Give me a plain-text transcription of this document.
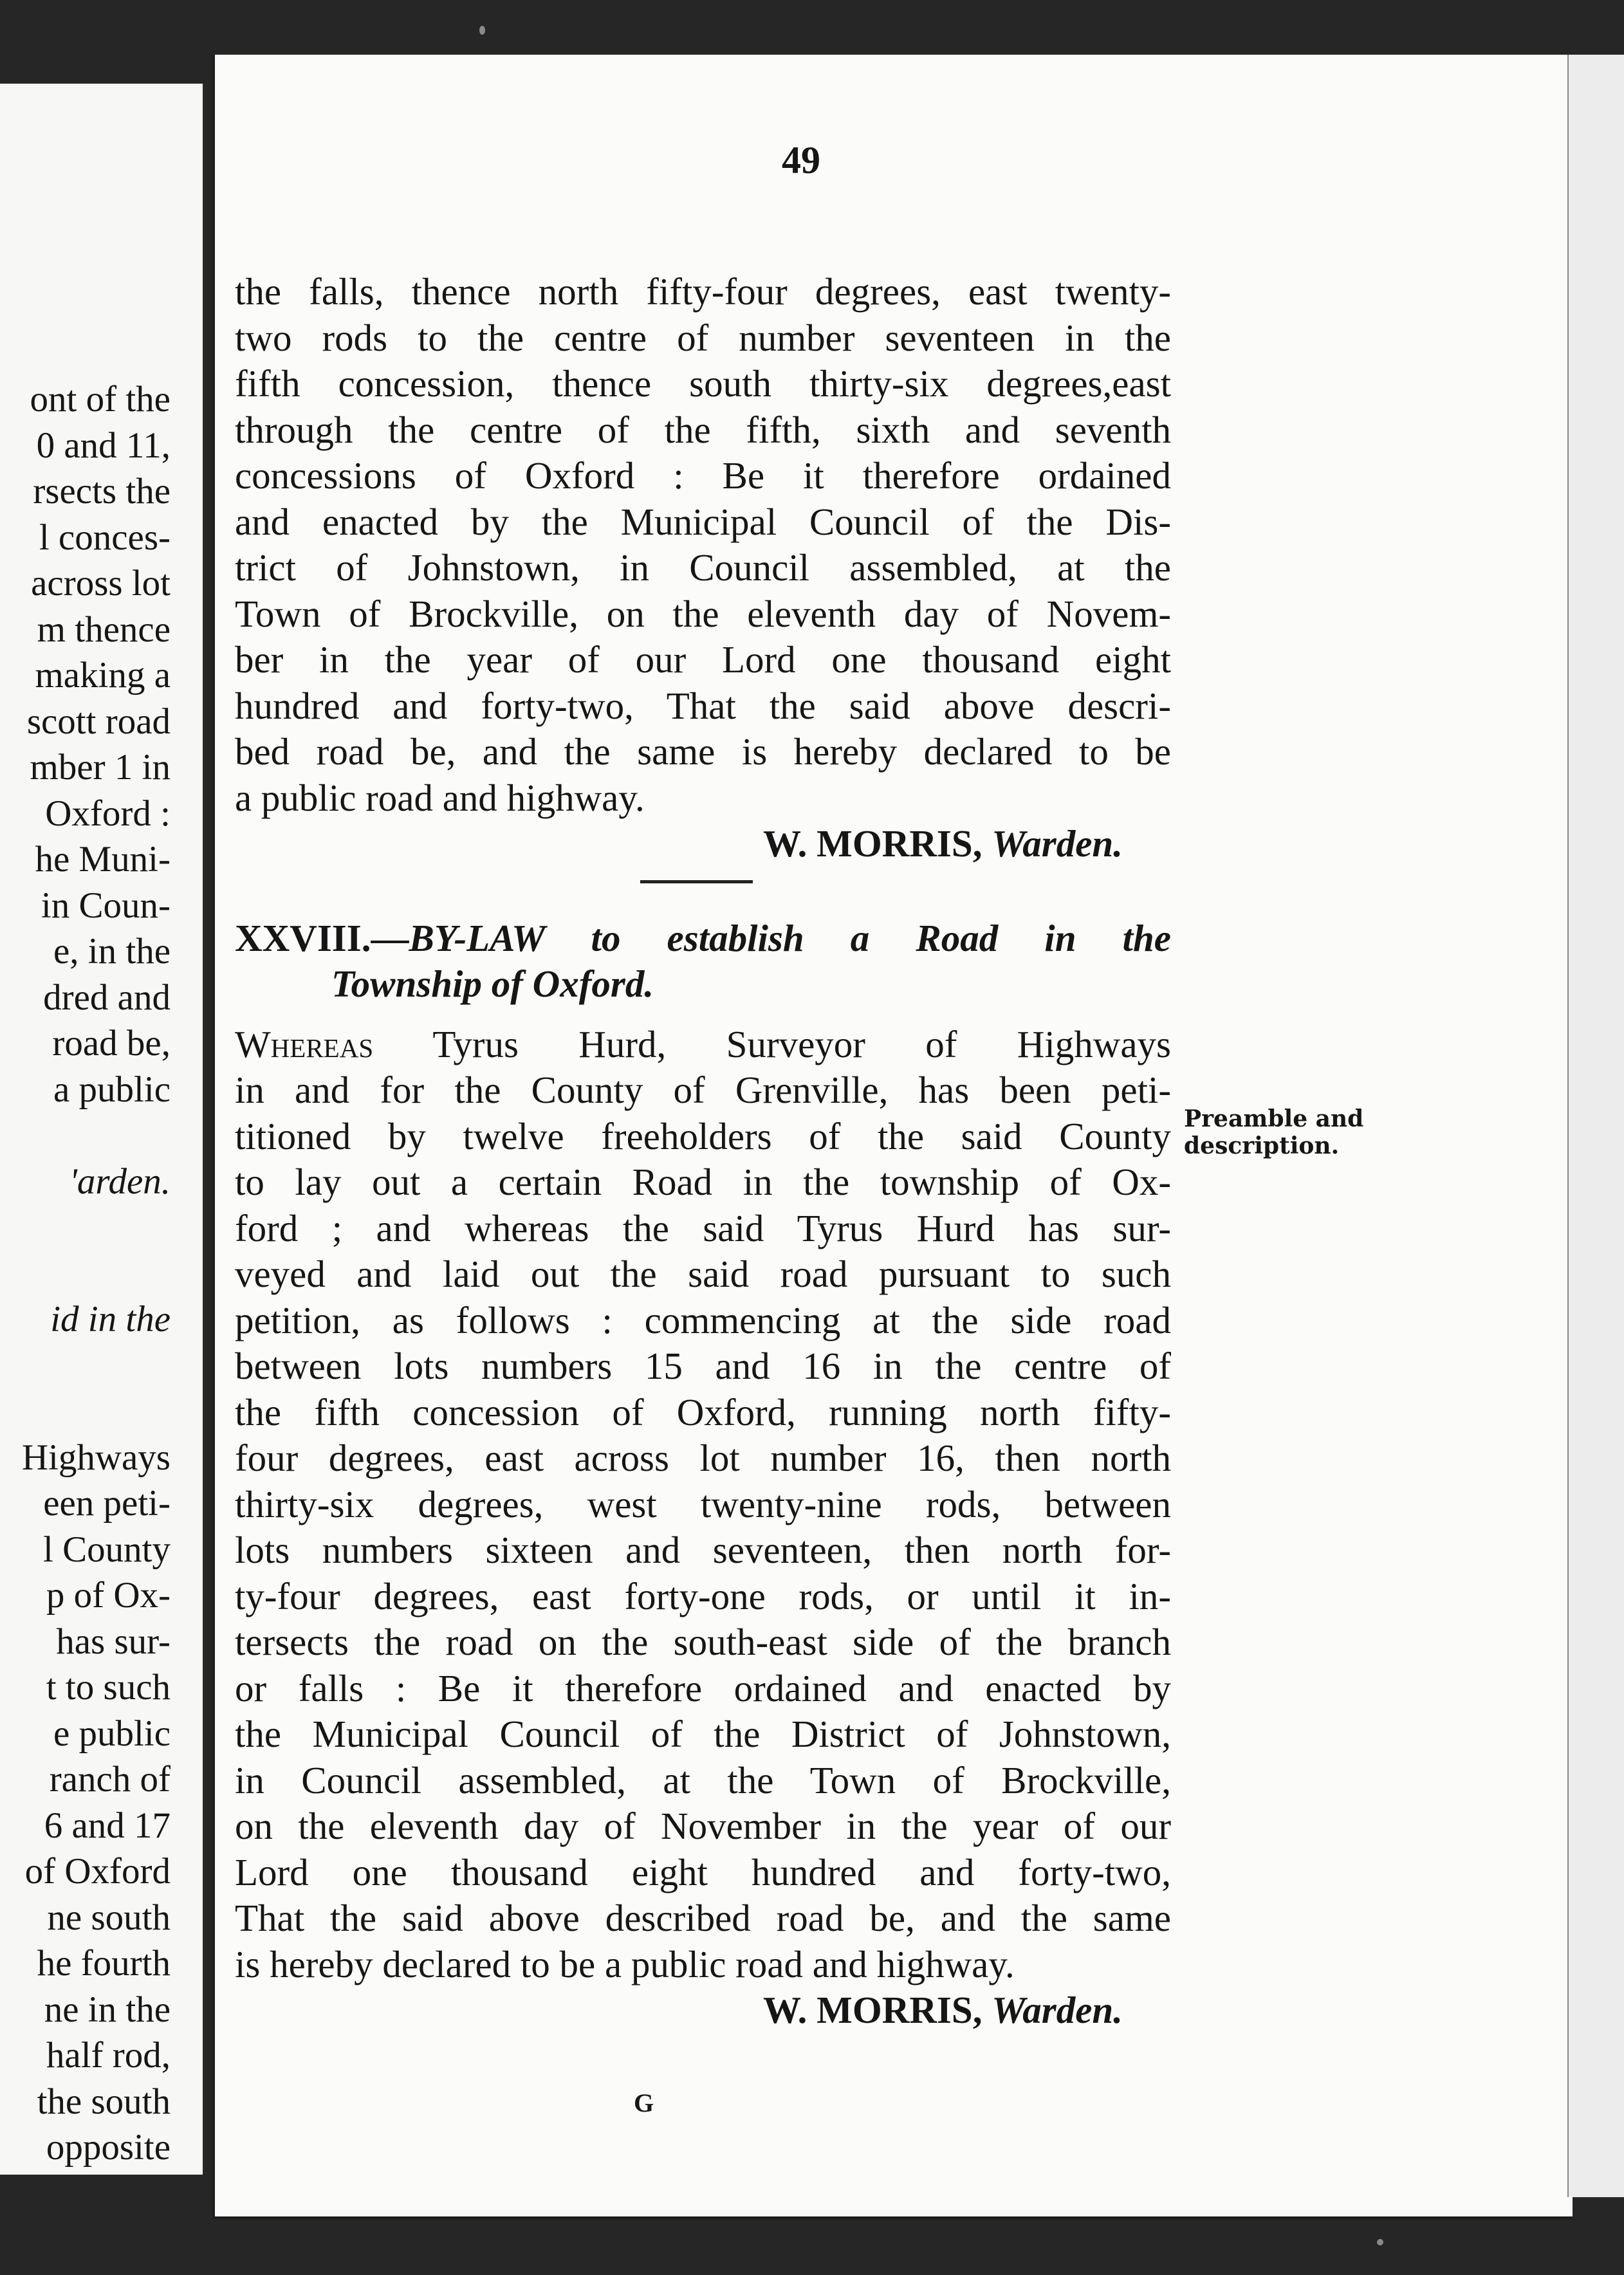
ont of the
0 and 11,
rsects the
l conces-
across lot
m thence
making a
scott road
mber 1 in
Oxford :
he Muni-
in Coun-
e, in the
dred and
road be,
a public
'arden.
id in the
Highways
een peti-
l County
p of Ox-
has sur-
t to such
e public
ranch of
6 and 17
of Oxford
ne south
he fourth
ne in the
half rod,
the south
opposite
49
the falls, thence north fifty-four degrees, east twenty-
two rods to the centre of number seventeen in the
fifth concession, thence south thirty-six degrees,east
through the centre of the fifth, sixth and seventh
concessions of Oxford : Be it therefore ordained
and enacted by the Municipal Council of the Dis-
trict of Johnstown, in Council assembled, at the
Town of Brockville, on the eleventh day of Novem-
ber in the year of our Lord one thousand eight
hundred and forty-two, That the said above descri-
bed road be, and the same is hereby declared to be
a public road and highway.
W. MORRIS, Warden.
XXVIII.—BY-LAW to establish a Road in the
Township of Oxford.
Whereas Tyrus Hurd, Surveyor of Highways
in and for the County of Grenville, has been peti-
titioned by twelve freeholders of the said County
to lay out a certain Road in the township of Ox-
ford ; and whereas the said Tyrus Hurd has sur-
veyed and laid out the said road pursuant to such
petition, as follows : commencing at the side road
between lots numbers 15 and 16 in the centre of
the fifth concession of Oxford, running north fifty-
four degrees, east across lot number 16, then north
thirty-six degrees, west twenty-nine rods, between
lots numbers sixteen and seventeen, then north for-
ty-four degrees, east forty-one rods, or until it in-
tersects the road on the south-east side of the branch
or falls : Be it therefore ordained and enacted by
the Municipal Council of the District of Johnstown,
in Council assembled, at the Town of Brockville,
on the eleventh day of November in the year of our
Lord one thousand eight hundred and forty-two,
That the said above described road be, and the same
is hereby declared to be a public road and highway.
W. MORRIS, Warden.
Preamble and
description.
G
